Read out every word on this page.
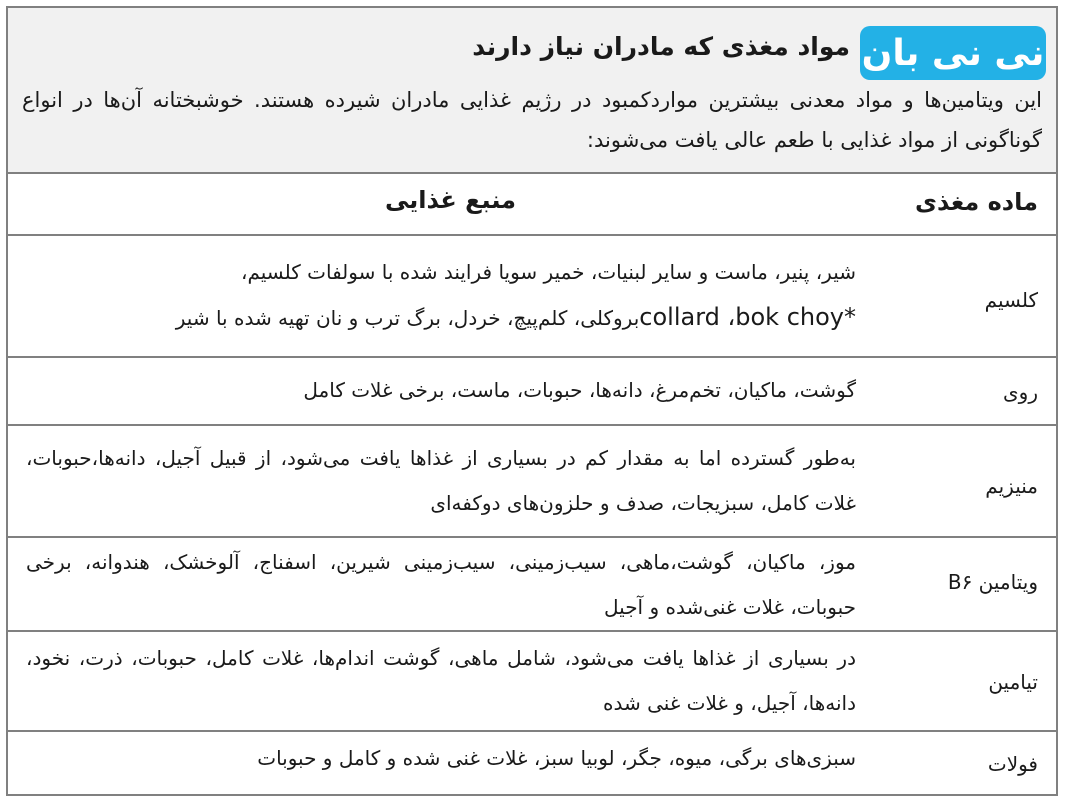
مواد مغذی که مادران نیاز دارند نی نی بان
این ویتامین‌ها و مواد معدنی بیشترین مواردکمبود در رژیم غذایی مادران شیرده هستند. خوشبختانه آن‌ها در انواع گوناگونی از مواد غذایی با طعم عالی یافت می‌شوند:
ماده مغذی
منبع غذایی
کلسیم
شیر، پنیر، ماست و سایر لبنیات، خمیر سویا فرایند شده با سولفات کلسیم،
collard ،bok choy*بروکلی، کلم‌پیچ، خردل، برگ ترب و نان تهیه شده با شیر
روی
گوشت، ماکیان، تخم‌مرغ، دانه‌ها، حبوبات، ماست، برخی غلات کامل
منیزیم
به‌طور گسترده اما به مقدار کم در بسیاری از غذاها یافت می‌شود، از قبیل آجیل، دانه‌ها،حبوبات، غلات کامل، سبزیجات، صدف و حلزون‌های دوکفه‌ای
ویتامین B۶
موز، ماکیان، گوشت،ماهی، سیب‌زمینی، سیب‌زمینی شیرین، اسفناج، آلوخشک، هندوانه، برخی حبوبات، غلات غنی‌شده و آجیل
تیامین
در بسیاری از غذاها یافت می‌شود، شامل ماهی، گوشت اندام‌ها، غلات کامل، حبوبات، ذرت، نخود، دانه‌ها، آجیل، و غلات غنی شده
فولات
سبزی‌های برگی، میوه، جگر، لوبیا سبز، غلات غنی شده و کامل و حبوبات
